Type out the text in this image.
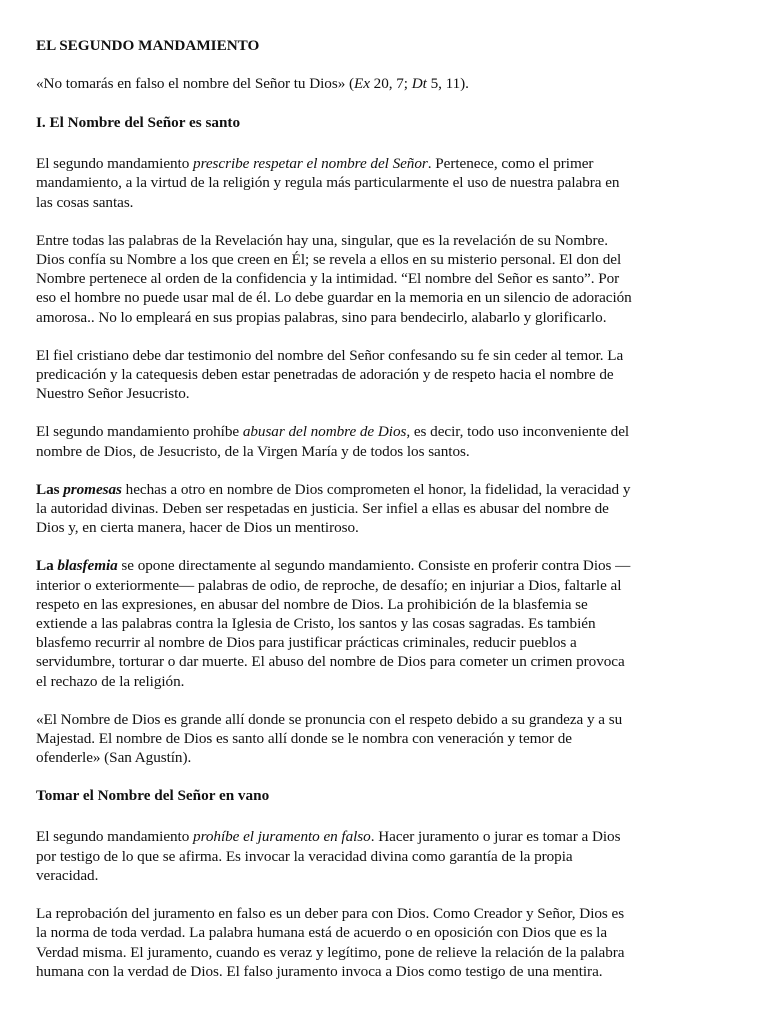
EL SEGUNDO MANDAMIENTO

«No tomarás en falso el nombre del Señor tu Dios» (Ex 20, 7; Dt 5, 11).

I. El Nombre del Señor es santo

El segundo mandamiento prescribe respetar el nombre del Señor. Pertenece, como el primer
mandamiento, a la virtud de la religión y regula más particularmente el uso de nuestra palabra en
las cosas santas.

Entre todas las palabras de la Revelación hay una, singular, que es la revelación de su Nombre.
Dios confía su Nombre a los que creen en Él; se revela a ellos en su misterio personal. El don del
Nombre pertenece al orden de la confidencia y la intimidad. “El nombre del Señor es santo”. Por
eso el hombre no puede usar mal de él. Lo debe guardar en la memoria en un silencio de adoración
amorosa.. No lo empleará en sus propias palabras, sino para bendecirlo, alabarlo y glorificarlo.

El fiel cristiano debe dar testimonio del nombre del Señor confesando su fe sin ceder al temor. La
predicación y la catequesis deben estar penetradas de adoración y de respeto hacia el nombre de
Nuestro Señor Jesucristo.

El segundo mandamiento prohíbe abusar del nombre de Dios, es decir, todo uso inconveniente del
nombre de Dios, de Jesucristo, de la Virgen María y de todos los santos.

Las promesas hechas a otro en nombre de Dios comprometen el honor, la fidelidad, la veracidad y
la autoridad divinas. Deben ser respetadas en justicia. Ser infiel a ellas es abusar del nombre de
Dios y, en cierta manera, hacer de Dios un mentiroso.

La blasfemia se opone directamente al segundo mandamiento. Consiste en proferir contra Dios —
interior o exteriormente— palabras de odio, de reproche, de desafío; en injuriar a Dios, faltarle al
respeto en las expresiones, en abusar del nombre de Dios. La prohibición de la blasfemia se
extiende a las palabras contra la Iglesia de Cristo, los santos y las cosas sagradas. Es también
blasfemo recurrir al nombre de Dios para justificar prácticas criminales, reducir pueblos a
servidumbre, torturar o dar muerte. El abuso del nombre de Dios para cometer un crimen provoca
el rechazo de la religión.

«El Nombre de Dios es grande allí donde se pronuncia con el respeto debido a su grandeza y a su
Majestad. El nombre de Dios es santo allí donde se le nombra con veneración y temor de
ofenderle» (San Agustín).

Tomar el Nombre del Señor en vano

El segundo mandamiento prohíbe el juramento en falso. Hacer juramento o jurar es tomar a Dios
por testigo de lo que se afirma. Es invocar la veracidad divina como garantía de la propia
veracidad.

La reprobación del juramento en falso es un deber para con Dios. Como Creador y Señor, Dios es
la norma de toda verdad. La palabra humana está de acuerdo o en oposición con Dios que es la
Verdad misma. El juramento, cuando es veraz y legítimo, pone de relieve la relación de la palabra
humana con la verdad de Dios. El falso juramento invoca a Dios como testigo de una mentira.
